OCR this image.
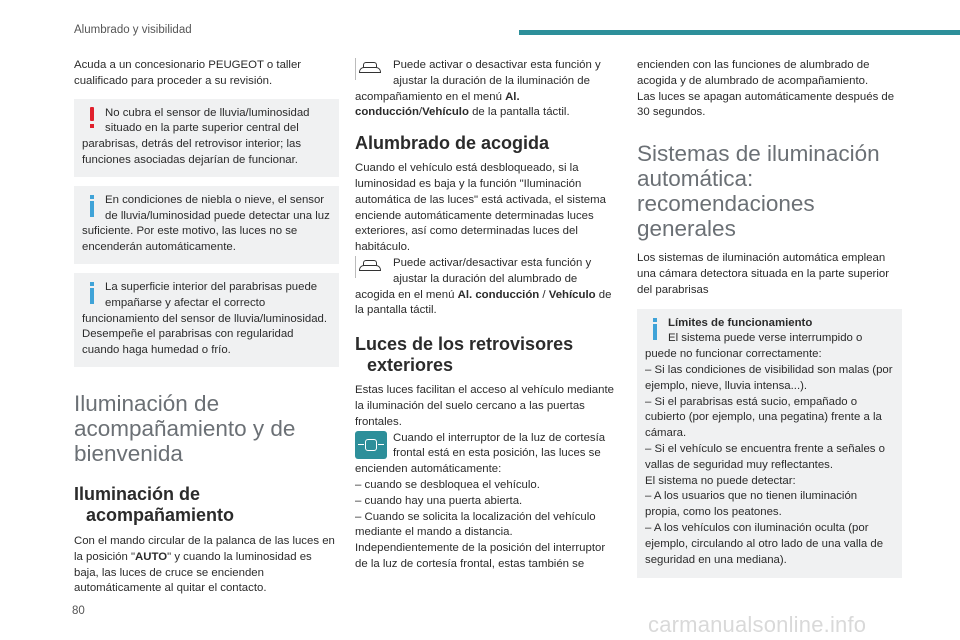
Alumbrado y visibilidad

Acuda a un concesionario PEUGEOT o taller cualificado para proceder a su revisión.

No cubra el sensor de lluvia/luminosidad situado en la parte superior central del parabrisas, detrás del retrovisor interior; las funciones asociadas dejarían de funcionar.
En condiciones de niebla o nieve, el sensor de lluvia/luminosidad puede detectar una luz suficiente. Por este motivo, las luces no se encenderán automáticamente.
La superficie interior del parabrisas puede empañarse y afectar el correcto funcionamiento del sensor de lluvia/luminosidad. Desempeñe el parabrisas con regularidad cuando haga humedad o frío.
Iluminación de acompañamiento y de bienvenida
Iluminación de
acompañamiento

Con el mando circular de la palanca de las luces en la posición "AUTO" y cuando la luminosidad es baja, las luces de cruce se encienden automáticamente al quitar el contacto.

Puede activar o desactivar esta función y ajustar la duración de la iluminación de acompañamiento en el menú Al. conducción/Vehículo de la pantalla táctil.

Alumbrado de acogida

Cuando el vehículo está desbloqueado, si la luminosidad es baja y la función "Iluminación automática de las luces" está activada, el sistema enciende automáticamente determinadas luces exteriores, así como determinadas luces del habitáculo.

Puede activar/desactivar esta función y ajustar la duración del alumbrado de acogida en el menú Al. conducción / Vehículo de la pantalla táctil.

Luces de los retrovisores
exteriores

Estas luces facilitan el acceso al vehículo mediante la iluminación del suelo cercano a las puertas frontales.

Cuando el interruptor de la luz de cortesía frontal está en esta posición, las luces se encienden automáticamente:

– cuando se desbloquea el vehículo.
– cuando hay una puerta abierta.
– Cuando se solicita la localización del vehículo mediante el mando a distancia.

Independientemente de la posición del interruptor de la luz de cortesía frontal, estas también se

encienden con las funciones de alumbrado de acogida y de alumbrado de acompañamiento.

Las luces se apagan automáticamente después de 30 segundos.

Sistemas de iluminación automática: recomendaciones generales

Los sistemas de iluminación automática emplean una cámara detectora situada en la parte superior del parabrisas

Límites de funcionamiento
El sistema puede verse interrumpido o puede no funcionar correctamente:
– Si las condiciones de visibilidad son malas (por ejemplo, nieve, lluvia intensa...).
– Si el parabrisas está sucio, empañado o cubierto (por ejemplo, una pegatina) frente a la cámara.
– Si el vehículo se encuentra frente a señales o vallas de seguridad muy reflectantes.
El sistema no puede detectar:
– A los usuarios que no tienen iluminación propia, como los peatones.
– A los vehículos con iluminación oculta (por ejemplo, circulando al otro lado de una valla de seguridad en una mediana).
80
carmanualsonline.info
